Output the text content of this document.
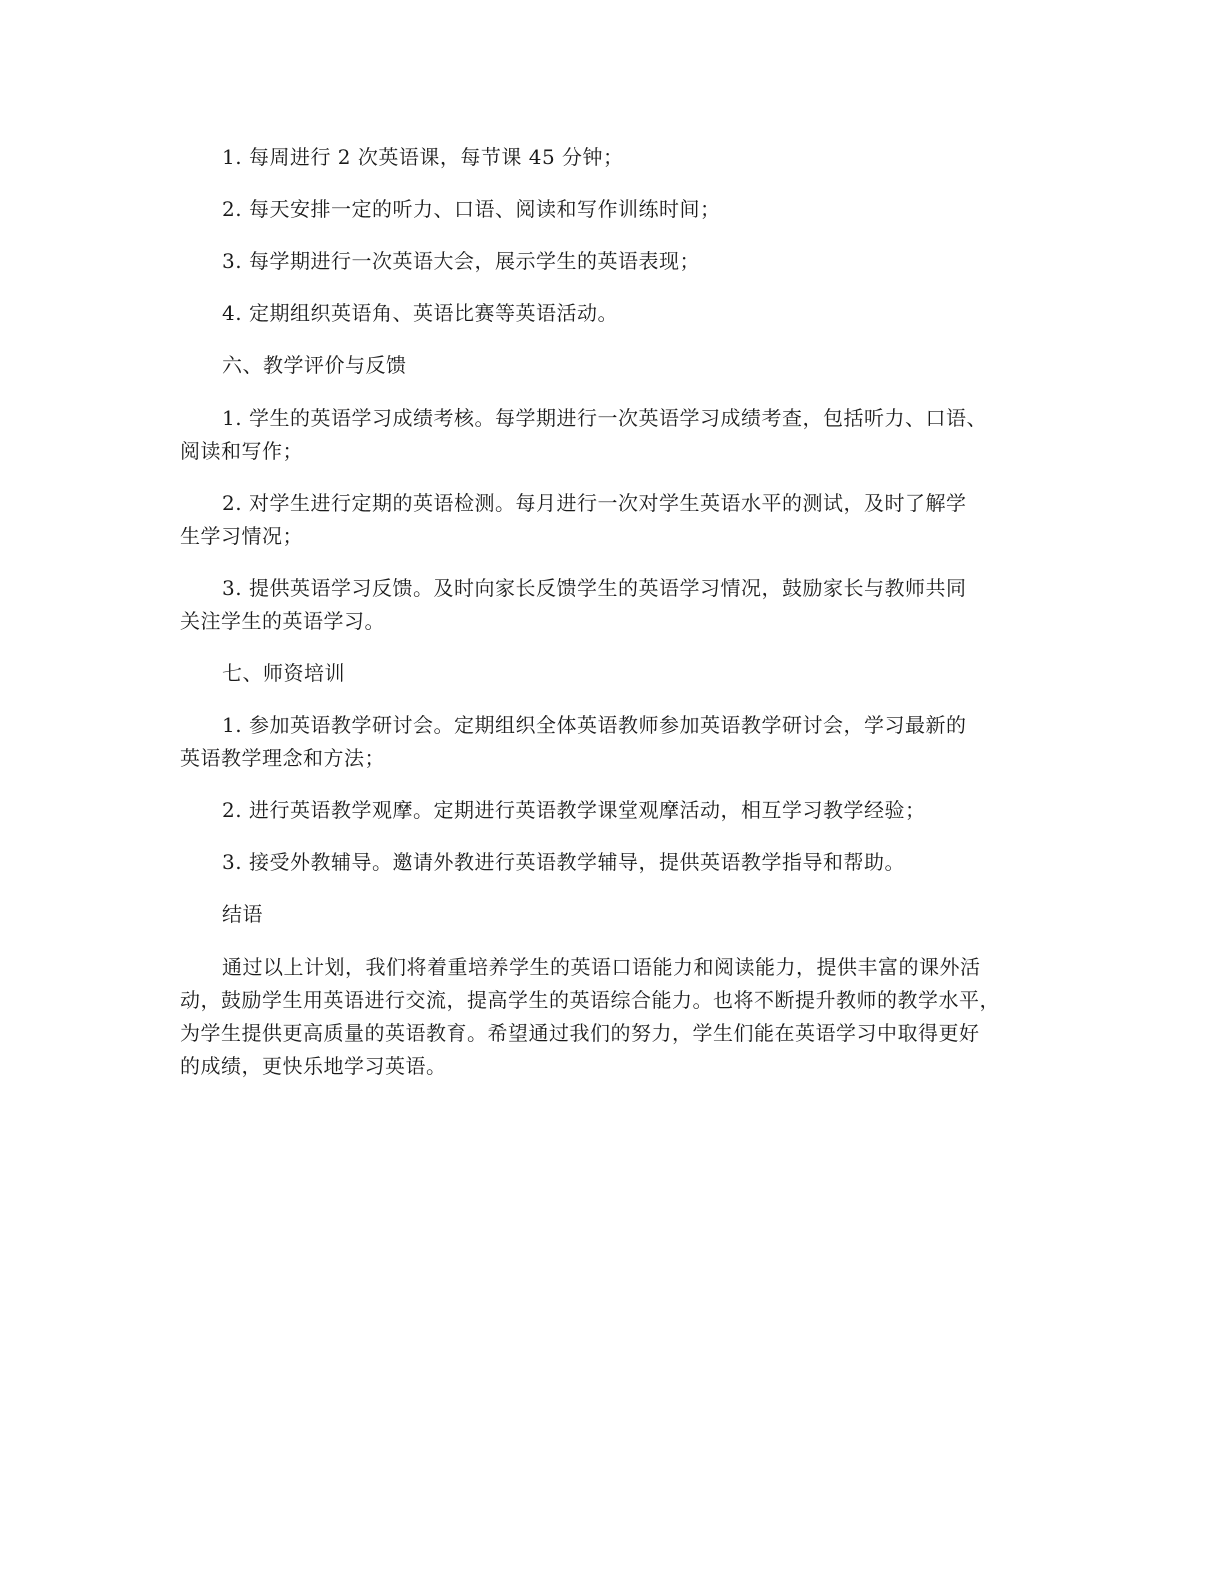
1. 每周进行 2 次英语课，每节课 45 分钟；
2. 每天安排一定的听力、口语、阅读和写作训练时间；
3. 每学期进行一次英语大会，展示学生的英语表现；
4. 定期组织英语角、英语比赛等英语活动。
六、教学评价与反馈
1. 学生的英语学习成绩考核。每学期进行一次英语学习成绩考查，包括听力、口语、
阅读和写作；
2. 对学生进行定期的英语检测。每月进行一次对学生英语水平的测试，及时了解学
生学习情况；
3. 提供英语学习反馈。及时向家长反馈学生的英语学习情况，鼓励家长与教师共同
关注学生的英语学习。
七、师资培训
1. 参加英语教学研讨会。定期组织全体英语教师参加英语教学研讨会，学习最新的
英语教学理念和方法；
2. 进行英语教学观摩。定期进行英语教学课堂观摩活动，相互学习教学经验；
3. 接受外教辅导。邀请外教进行英语教学辅导，提供英语教学指导和帮助。
结语
通过以上计划，我们将着重培养学生的英语口语能力和阅读能力，提供丰富的课外活
动，鼓励学生用英语进行交流，提高学生的英语综合能力。也将不断提升教师的教学水平，
为学生提供更高质量的英语教育。希望通过我们的努力，学生们能在英语学习中取得更好
的成绩，更快乐地学习英语。
